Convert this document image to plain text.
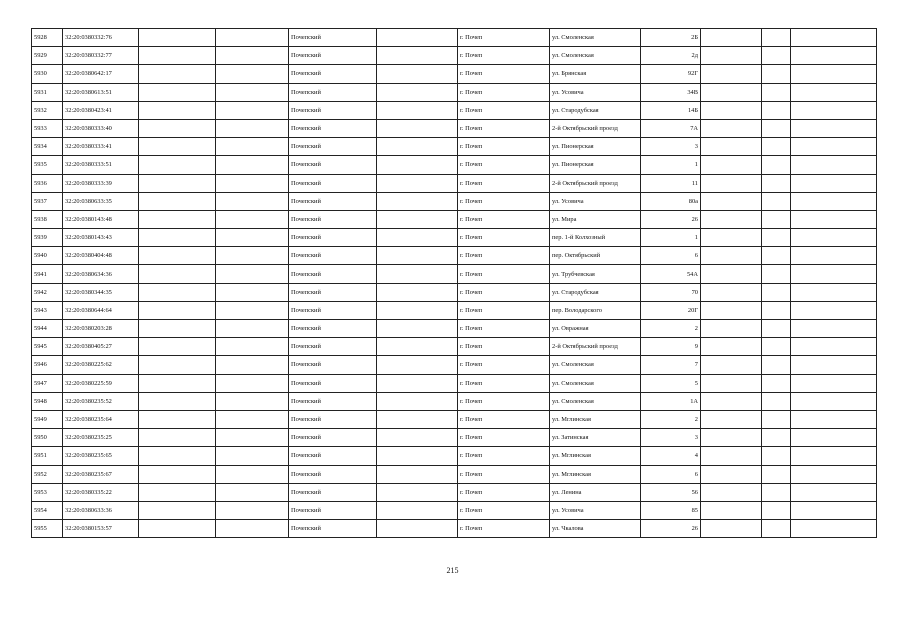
5928	32:20:0380332:76			Почепский		г. Почеп	ул. Смоленская	2Б			
5929	32:20:0380332:77			Почепский		г. Почеп	ул. Смоленская	2д			
5930	32:20:0380642:17			Почепский		г. Почеп	ул. Брянская	92Г			
5931	32:20:0380613:51			Почепский		г. Почеп	ул. Усовича	34В			
5932	32:20:0380423:41			Почепский		г. Почеп	ул. Стародубская	14Б			
5933	32:20:0380333:40			Почепский		г. Почеп	2-й Октябрьский проезд	7А			
5934	32:20:0380333:41			Почепский		г. Почеп	ул. Пионерская	3			
5935	32:20:0380333:51			Почепский		г. Почеп	ул. Пионерская	1			
5936	32:20:0380333:39			Почепский		г. Почеп	2-й Октябрьский проезд	11			
5937	32:20:0380633:35			Почепский		г. Почеп	ул. Усовича	80а			
5938	32:20:0380143:48			Почепский		г. Почеп	ул. Мира	26			
5939	32:20:0380143:43			Почепский		г. Почеп	пер. 1-й Колхозный	1			
5940	32:20:0380404:48			Почепский		г. Почеп	пер. Октябрьский	6			
5941	32:20:0380634:36			Почепский		г. Почеп	ул. Трубчевская	54А			
5942	32:20:0380344:35			Почепский		г. Почеп	ул. Стародубская	70			
5943	32:20:0380644:64			Почепский		г. Почеп	пер. Володарского	20Г			
5944	32:20:0380203:28			Почепский		г. Почеп	ул. Овражная	2			
5945	32:20:0380405:27			Почепский		г. Почеп	2-й Октябрьский проезд	9			
5946	32:20:0380225:62			Почепский		г. Почеп	ул. Смоленская	7			
5947	32:20:0380225:59			Почепский		г. Почеп	ул. Смоленская	5			
5948	32:20:0380235:52			Почепский		г. Почеп	ул. Смоленская	1А			
5949	32:20:0380235:64			Почепский		г. Почеп	ул. Мглинская	2			
5950	32:20:0380235:25			Почепский		г. Почеп	ул. Затинская	3			
5951	32:20:0380235:65			Почепский		г. Почеп	ул. Мглинская	4			
5952	32:20:0380235:67			Почепский		г. Почеп	ул. Мглинская	6			
5953	32:20:0380335:22			Почепский		г. Почеп	ул. Ленина	56			
5954	32:20:0380633:36			Почепский		г. Почеп	ул. Усовича	85			
5955	32:20:0380153:57			Почепский		г. Почеп	ул. Чкалова	26			
215
